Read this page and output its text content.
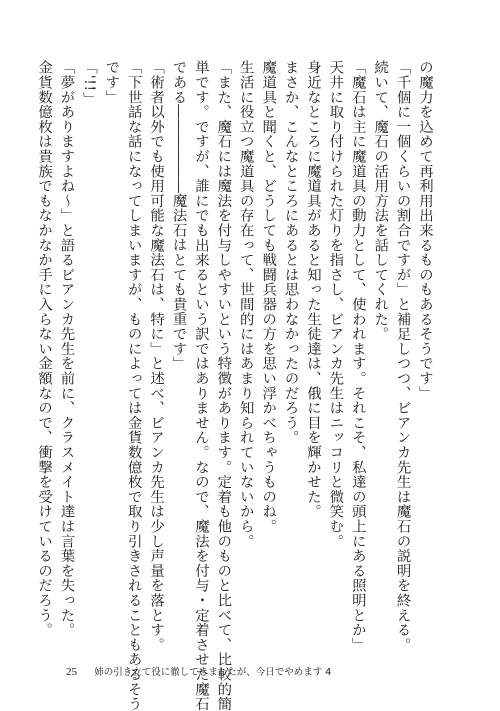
の魔力を込めて再利用出来るものもあるそうです」
「千個に一個くらいの割合ですが」と補足しつつ、ビアンカ先生は魔石の説明を終える。
続いて、魔石の活用方法を話してくれた。
「魔石は主に魔道具の動力として、使われます。それこそ、私達の頭上にある照明とか」
天井に取り付けられた灯りを指さし、ビアンカ先生はニッコリと微笑む。
身近なところに魔道具があると知った生徒達は、俄に目を輝かせた。
まさか、こんなところにあるとは思わなかったのだろう。
魔道具と聞くと、どうしても戦闘兵器の方を思い浮かべちゃうものね。
生活に役立つ魔道具の存在って、世間的にはあまり知られていないから。
「また、魔石には魔法を付与しやすいという特徴があります。定着も他のものと比べて、比較的簡
単です。ですが、誰にでも出来るという訳ではありません。なので、魔法を付与・定着させた魔石
である――――――魔法石はとても貴重です」
「術者以外でも使用可能な魔法石は、特に」と述べ、ビアンカ先生は少し声量を落とす。
「下世話な話になってしまいますが、ものによっては金貨数億枚で取り引きされることもあるそう
です」
「'!!」
「夢がありますよね～」と語るビアンカ先生を前に、クラスメイト達は言葉を失った。
金貨数億枚は貴族でもなかなか手に入らない金額なので、衝撃を受けているのだろう。
25 姉の引き立て役に徹してきましたが、今日でやめます 4
